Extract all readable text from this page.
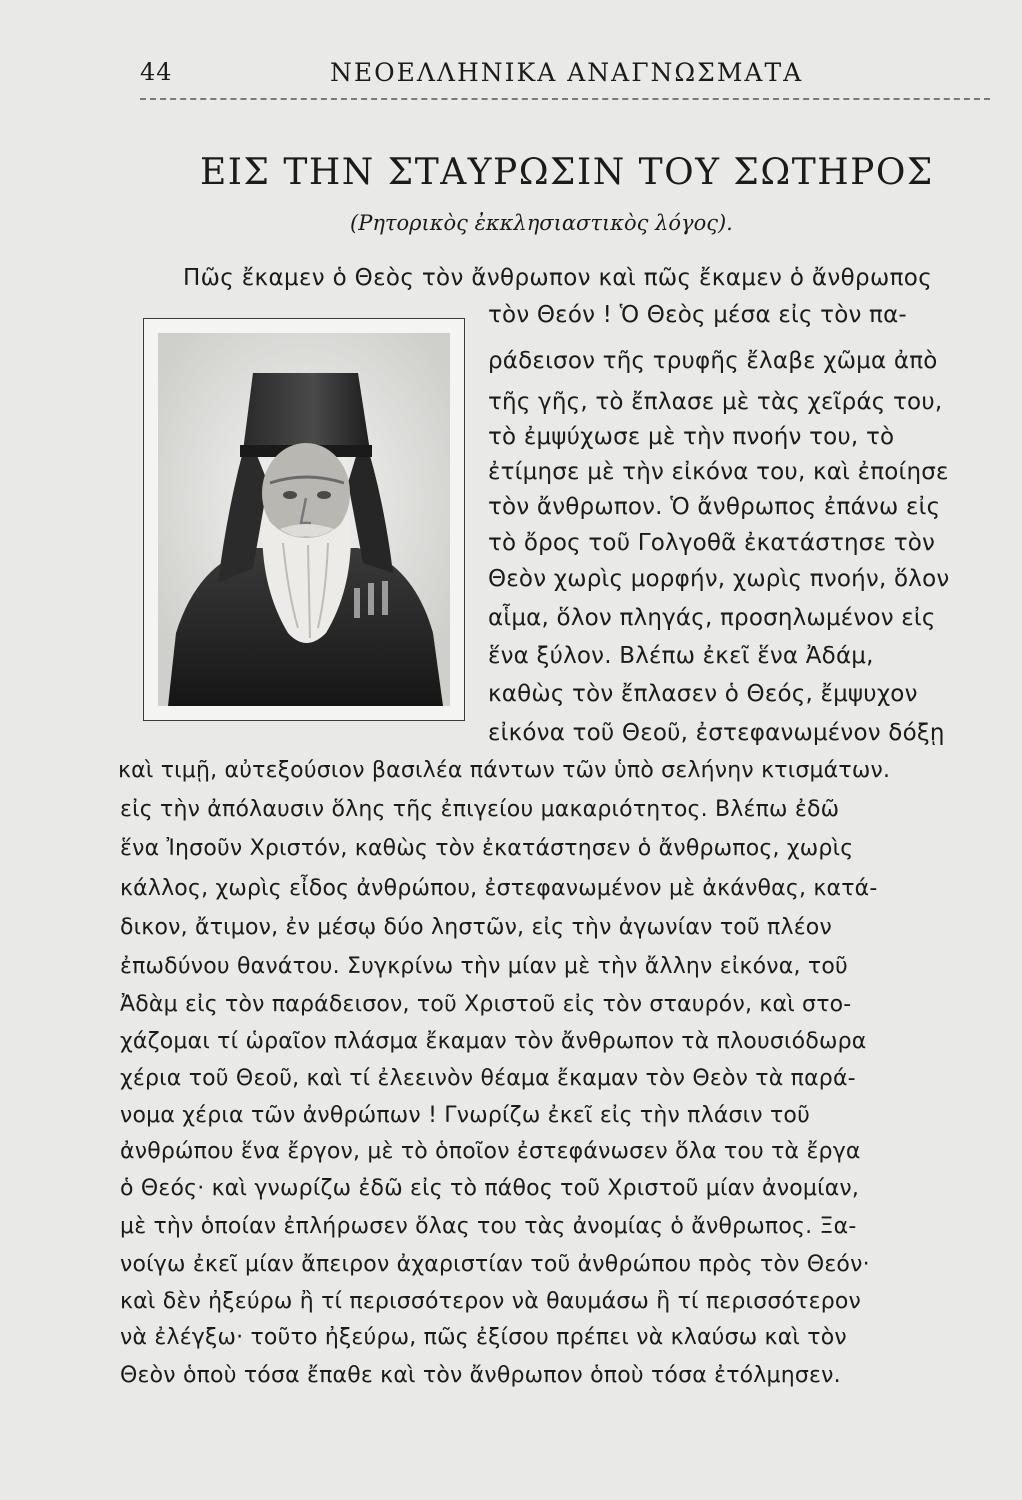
44	ΝΕΟΕΛΛΗΝΙΚΑ ΑΝΑΓΝΩΣΜΑΤΑ
ΕΙΣ ΤΗΝ ΣΤΑΥΡΩΣΙΝ ΤΟΥ ΣΩΤΗΡΟΣ
(Ρητορικὸς ἐκκλησιαστικὸς λόγος).
Πῶς ἔκαμεν ὁ Θεὸς τὸν ἄνθρωπον καὶ πῶς ἔκαμεν ὁ ἄνθρωπος
τὸν Θεόν ! Ὁ Θεὸς μέσα εἰς τὸν πα-
ράδεισον τῆς τρυφῆς ἔλαβε χῶμα ἀπὸ
τῆς γῆς, τὸ ἔπλασε μὲ τὰς χεῖράς του,
τὸ ἐμψύχωσε μὲ τὴν πνοήν του, τὸ
ἐτίμησε μὲ τὴν εἰκόνα του, καὶ ἐποίησε
τὸν ἄνθρωπον. Ὁ ἄνθρωπος ἐπάνω εἰς
τὸ ὄρος τοῦ Γολγοθᾶ ἐκατάστησε τὸν
Θεὸν χωρὶς μορφήν, χωρὶς πνοήν, ὅλον
αἷμα, ὅλον πληγάς, προσηλωμένον εἰς
ἕνα ξύλον. Βλέπω ἐκεῖ ἕνα Ἀδάμ,
καθὼς τὸν ἔπλασεν ὁ Θεός, ἔμψυχον
εἰκόνα τοῦ Θεοῦ, ἐστεφανωμένον δόξῃ
καὶ τιμῇ, αὐτεξούσιον βασιλέα πάντων τῶν ὑπὸ σελήνην κτισμάτων.
εἰς τὴν ἀπόλαυσιν ὅλης τῆς ἐπιγείου μακαριότητος. Βλέπω ἐδῶ
ἕνα Ἰησοῦν Χριστόν, καθὼς τὸν ἐκατάστησεν ὁ ἄνθρωπος, χωρὶς
κάλλος, χωρὶς εἶδος ἀνθρώπου, ἐστεφανωμένον μὲ ἀκάνθας, κατά-
δικον, ἄτιμον, ἐν μέσῳ δύο ληστῶν, εἰς τὴν ἀγωνίαν τοῦ πλέον
ἐπωδύνου θανάτου. Συγκρίνω τὴν μίαν μὲ τὴν ἄλλην εἰκόνα, τοῦ
Ἀδὰμ εἰς τὸν παράδεισον, τοῦ Χριστοῦ εἰς τὸν σταυρόν, καὶ στο-
χάζομαι τί ὡραῖον πλάσμα ἔκαμαν τὸν ἄνθρωπον τὰ πλουσιόδωρα
χέρια τοῦ Θεοῦ, καὶ τί ἐλεεινὸν θέαμα ἔκαμαν τὸν Θεὸν τὰ παρά-
νομα χέρια τῶν ἀνθρώπων ! Γνωρίζω ἐκεῖ εἰς τὴν πλάσιν τοῦ
ἀνθρώπου ἕνα ἔργον, μὲ τὸ ὁποῖον ἐστεφάνωσεν ὅλα του τὰ ἔργα
ὁ Θεός· καὶ γνωρίζω ἐδῶ εἰς τὸ πάθος τοῦ Χριστοῦ μίαν ἀνομίαν,
μὲ τὴν ὁποίαν ἐπλήρωσεν ὅλας του τὰς ἀνομίας ὁ ἄνθρωπος. Ξα-
νοίγω ἐκεῖ μίαν ἄπειρον ἀχαριστίαν τοῦ ἀνθρώπου πρὸς τὸν Θεόν·
καὶ δὲν ἠξεύρω ἢ τί περισσότερον νὰ θαυμάσω ἢ τί περισσότερον
νὰ ἐλέγξω· τοῦτο ἠξεύρω, πῶς ἐξίσου πρέπει νὰ κλαύσω καὶ τὸν
Θεὸν ὁποὺ τόσα ἔπαθε καὶ τὸν ἄνθρωπον ὁποὺ τόσα ἐτόλμησεν.
